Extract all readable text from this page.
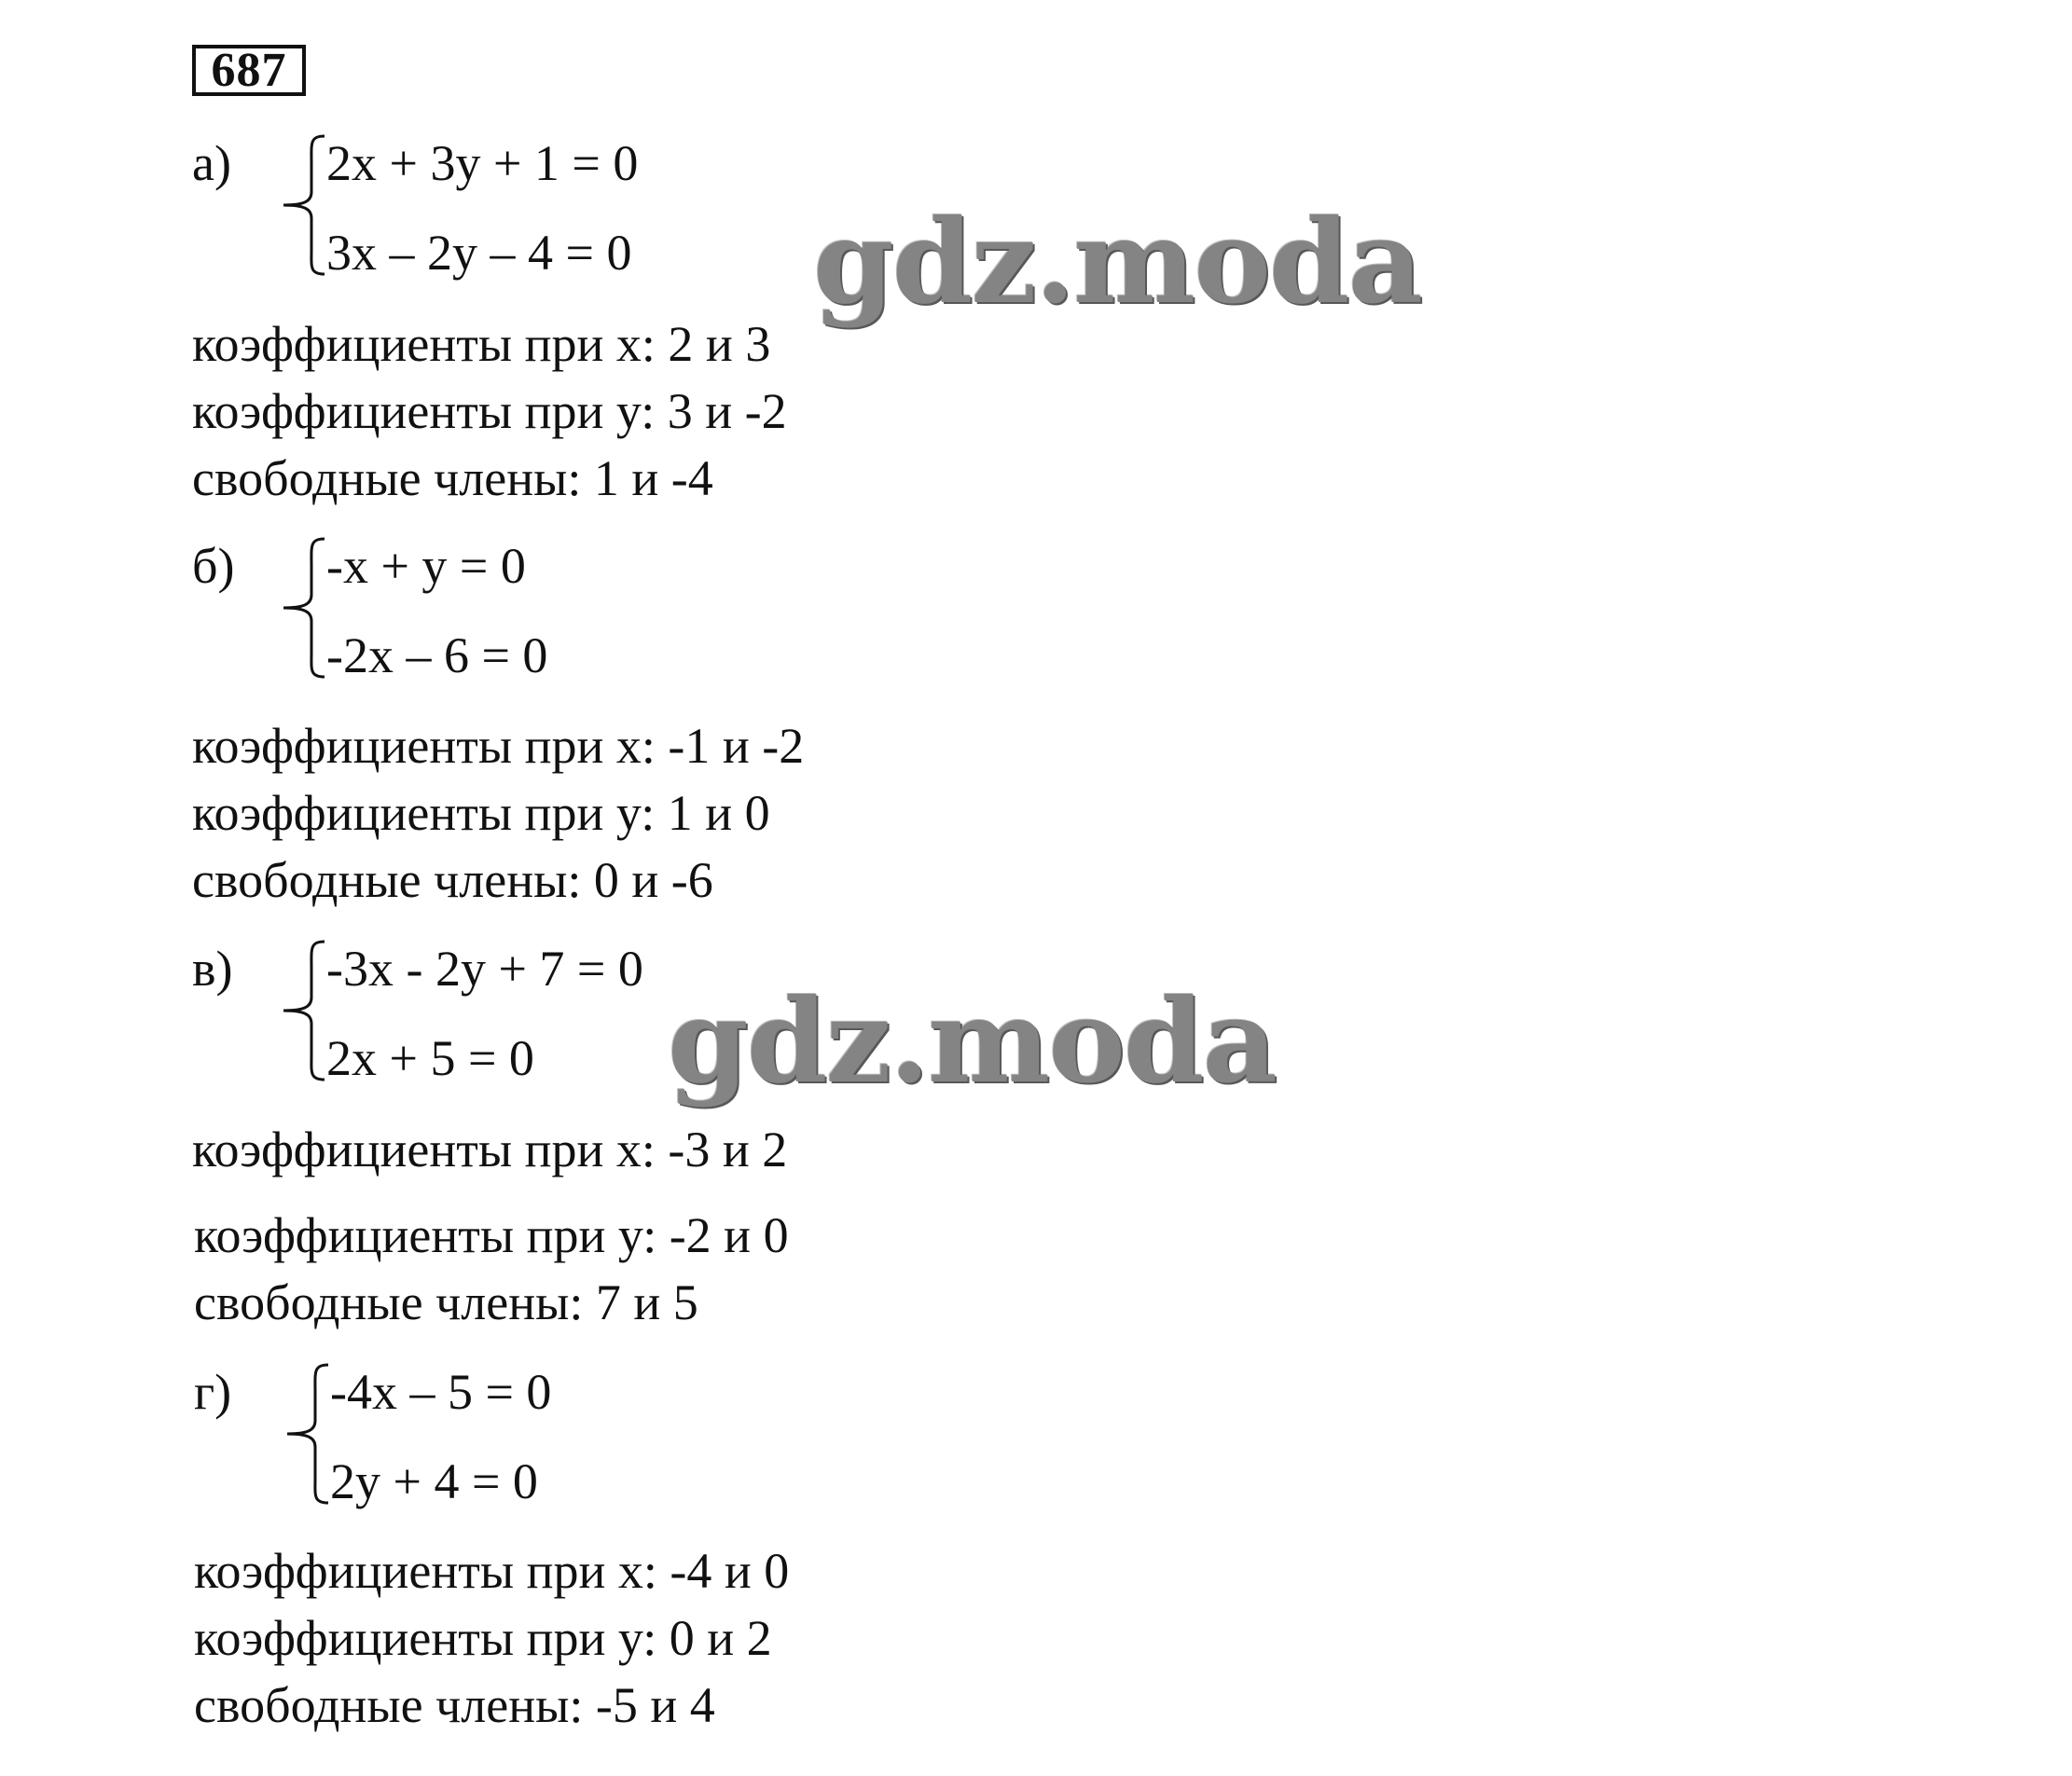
687
а) 2x + 3y + 1 = 0
3x – 2y – 4 = 0
коэффициенты при x: 2 и 3
коэффициенты при у: 3 и -2
свободные члены: 1 и -4
б) -x + y = 0
-2x – 6 = 0
коэффициенты при x: -1 и -2
коэффициенты при у: 1 и 0
свободные члены: 0 и -6
в) -3x - 2y + 7 = 0
2x + 5 = 0
коэффициенты при x: -3 и 2
коэффициенты при у: -2 и 0
свободные члены: 7 и 5
г) -4x – 5 = 0
2y + 4 = 0
коэффициенты при x: -4 и 0
коэффициенты при у: 0 и 2
свободные члены: -5 и 4
gdz.moda
gdz.moda
